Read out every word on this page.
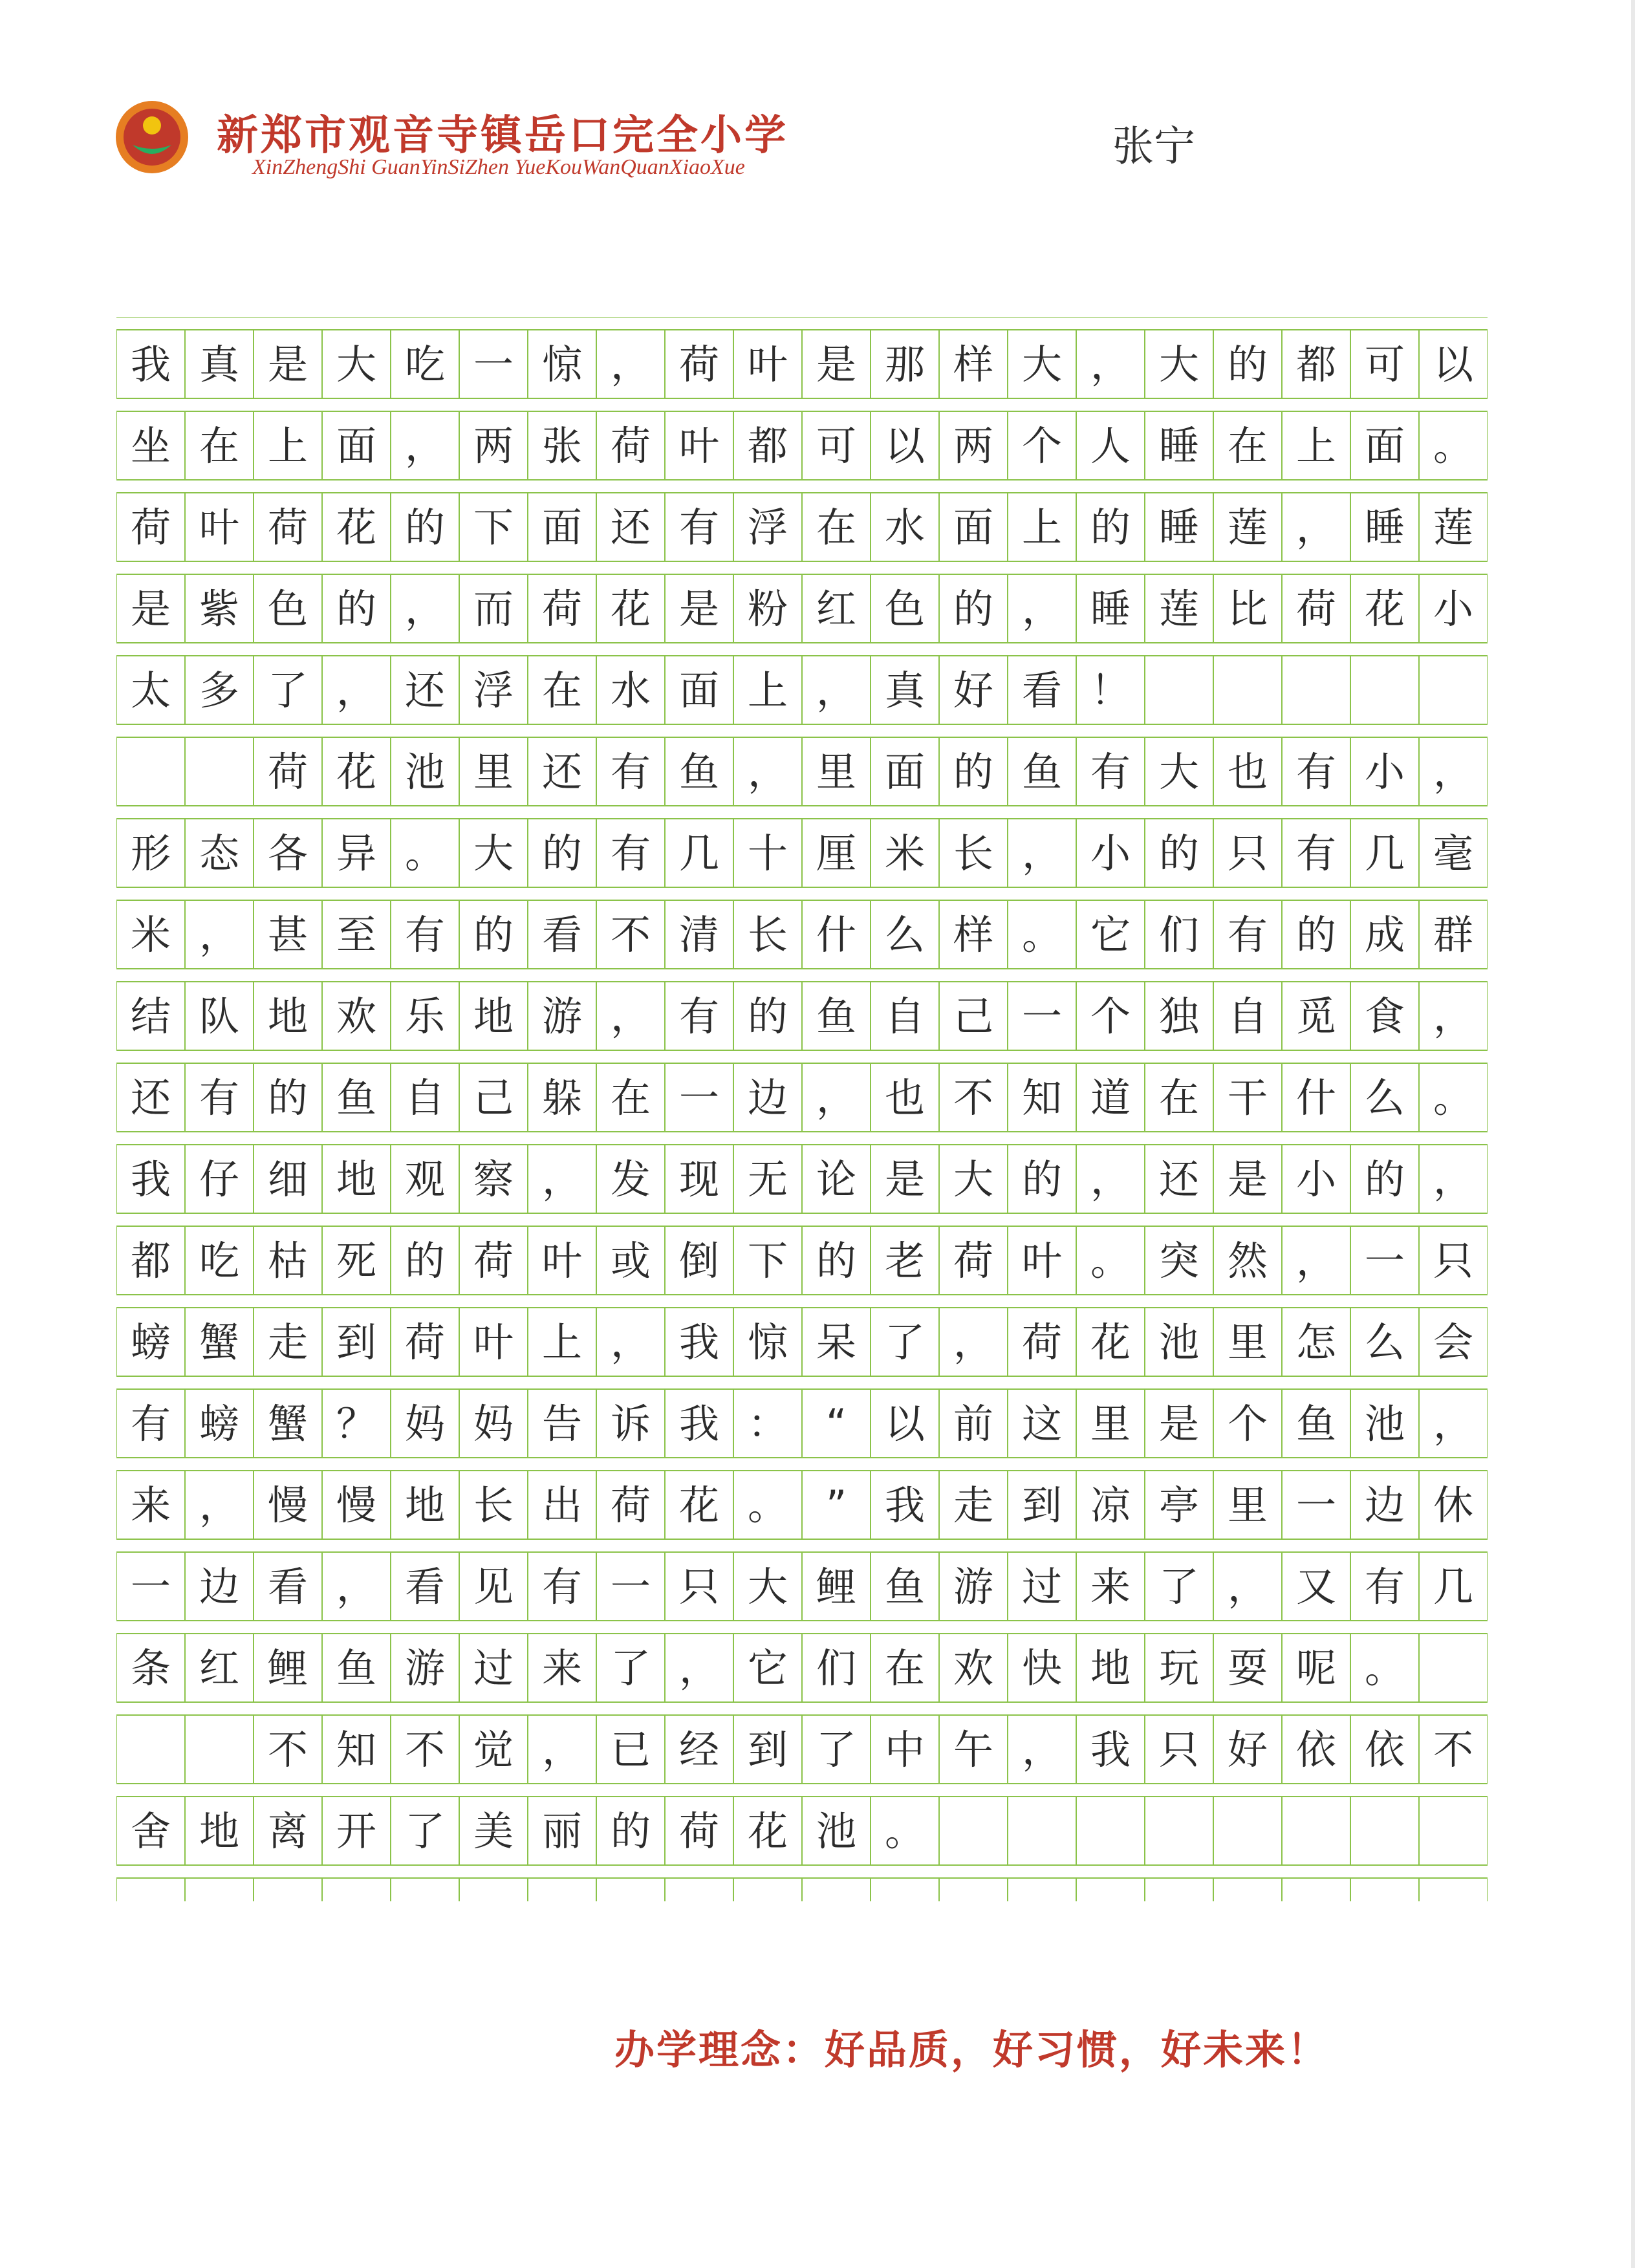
新郑市观音寺镇岳口完全小学
XinZhengShi GuanYinSiZhen YueKouWanQuanXiaoXue	张宁
我 真 是 大 吃 一 惊 ， 荷 叶 是 那 样 大 ， 大 的 都 可 以
坐 在 上 面 ， 两 张 荷 叶 都 可 以 两 个 人 睡 在 上 面 。
荷 叶 荷 花 的 下 面 还 有 浮 在 水 面 上 的 睡 莲 ， 睡 莲
是 紫 色 的 ， 而 荷 花 是 粉 红 色 的 ， 睡 莲 比 荷 花 小
太 多 了 ， 还 浮 在 水 面 上 ， 真 好 看 ！
荷 花 池 里 还 有 鱼 ， 里 面 的 鱼 有 大 也 有 小 ，
形 态 各 异 。 大 的 有 几 十 厘 米 长 ， 小 的 只 有 几 毫
米 ， 甚 至 有 的 看 不 清 长 什 么 样 。 它 们 有 的 成 群
结 队 地 欢 乐 地 游 ， 有 的 鱼 自 己 一 个 独 自 觅 食 ，
还 有 的 鱼 自 己 躲 在 一 边 ， 也 不 知 道 在 干 什 么 。
我 仔 细 地 观 察 ， 发 现 无 论 是 大 的 ， 还 是 小 的 ，
都 吃 枯 死 的 荷 叶 或 倒 下 的 老 荷 叶 。 突 然 ， 一 只
螃 蟹 走 到 荷 叶 上 ， 我 惊 呆 了 ， 荷 花 池 里 怎 么 会
有 螃 蟹 ？ 妈 妈 告 诉 我 ： “ 以 前 这 里 是 个 鱼 池 ，
来 ， 慢 慢 地 长 出 荷 花 。 ” 我 走 到 凉 亭 里 一 边 休
一 边 看 ， 看 见 有 一 只 大 鲤 鱼 游 过 来 了 ， 又 有 几
条 红 鲤 鱼 游 过 来 了 ， 它 们 在 欢 快 地 玩 耍 呢 。
不 知 不 觉 ， 已 经 到 了 中 午 ， 我 只 好 依 依 不
舍 地 离 开 了 美 丽 的 荷 花 池 。
办学理念：好品质，好习惯，好未来！
